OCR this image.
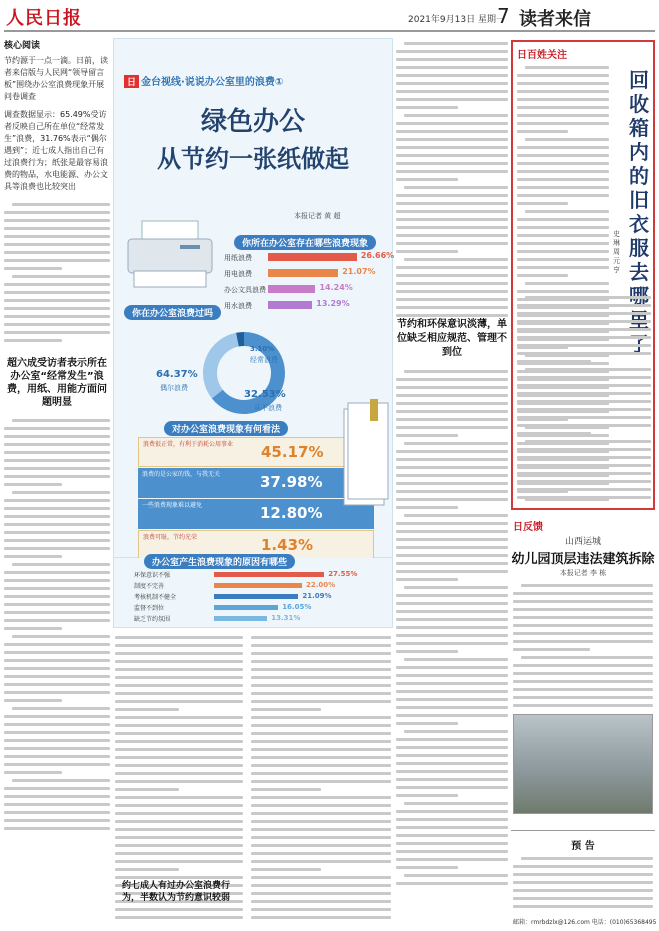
人民日报	2021年9月13日 星期一
7 读者来信
核心阅读
节约源于一点一滴。日前，读者来信版与人民网“领导留言板”围绕办公室浪费现象开展问卷调查
调查数据显示：65.49%受访者反映自己所在单位“经常发生”浪费，31.76%表示“偶尔遇到”；近七成人指出自己有过浪费行为；纸张是最容易浪费的物品，水电能源、办公文具等浪费也比较突出
超六成受访者表示所在办公室“经常发生”浪费，用纸、用能方面问题明显
日 金台视线·说说办公室里的浪费①
绿色办公
从节约一张纸做起
本报记者 黄 超
你所在办公室存在哪些浪费现象
用纸浪费	26.66%
用电浪费	21.07%
办公文具浪费	14.24%
用水浪费	13.29%
你在办公室浪费过吗
3.10%
经常浪费
64.37%
偶尔浪费
32.53%
从不浪费
对办公室浪费现象有何看法
浪费很正常，有利于消耗公用事业	45.17%
浪费的是公家的钱，与我无关	37.98%
一些浪费现象难以避免	12.80%
浪费可耻，节约光荣	1.43%
办公室产生浪费现象的原因有哪些
环保意识不强	27.55%
制度不完善	22.00%
考核机制不健全	21.09%
监督不到位	16.05%
缺乏节约氛围	13.31%
节约和环保意识淡薄，单位缺乏相应规范、管理不到位
约七成人有过办公室浪费行为，半数认为节约意识较弱
日百姓关注
回收箱内的旧衣服去哪里了
史 琳 周 元 亨
日反馈
山西运城
幼儿园顶层违法建筑拆除
本报记者 李 栋
预 告
邮箱：rmrbdzlx@126.com 电话：(010)65368495
